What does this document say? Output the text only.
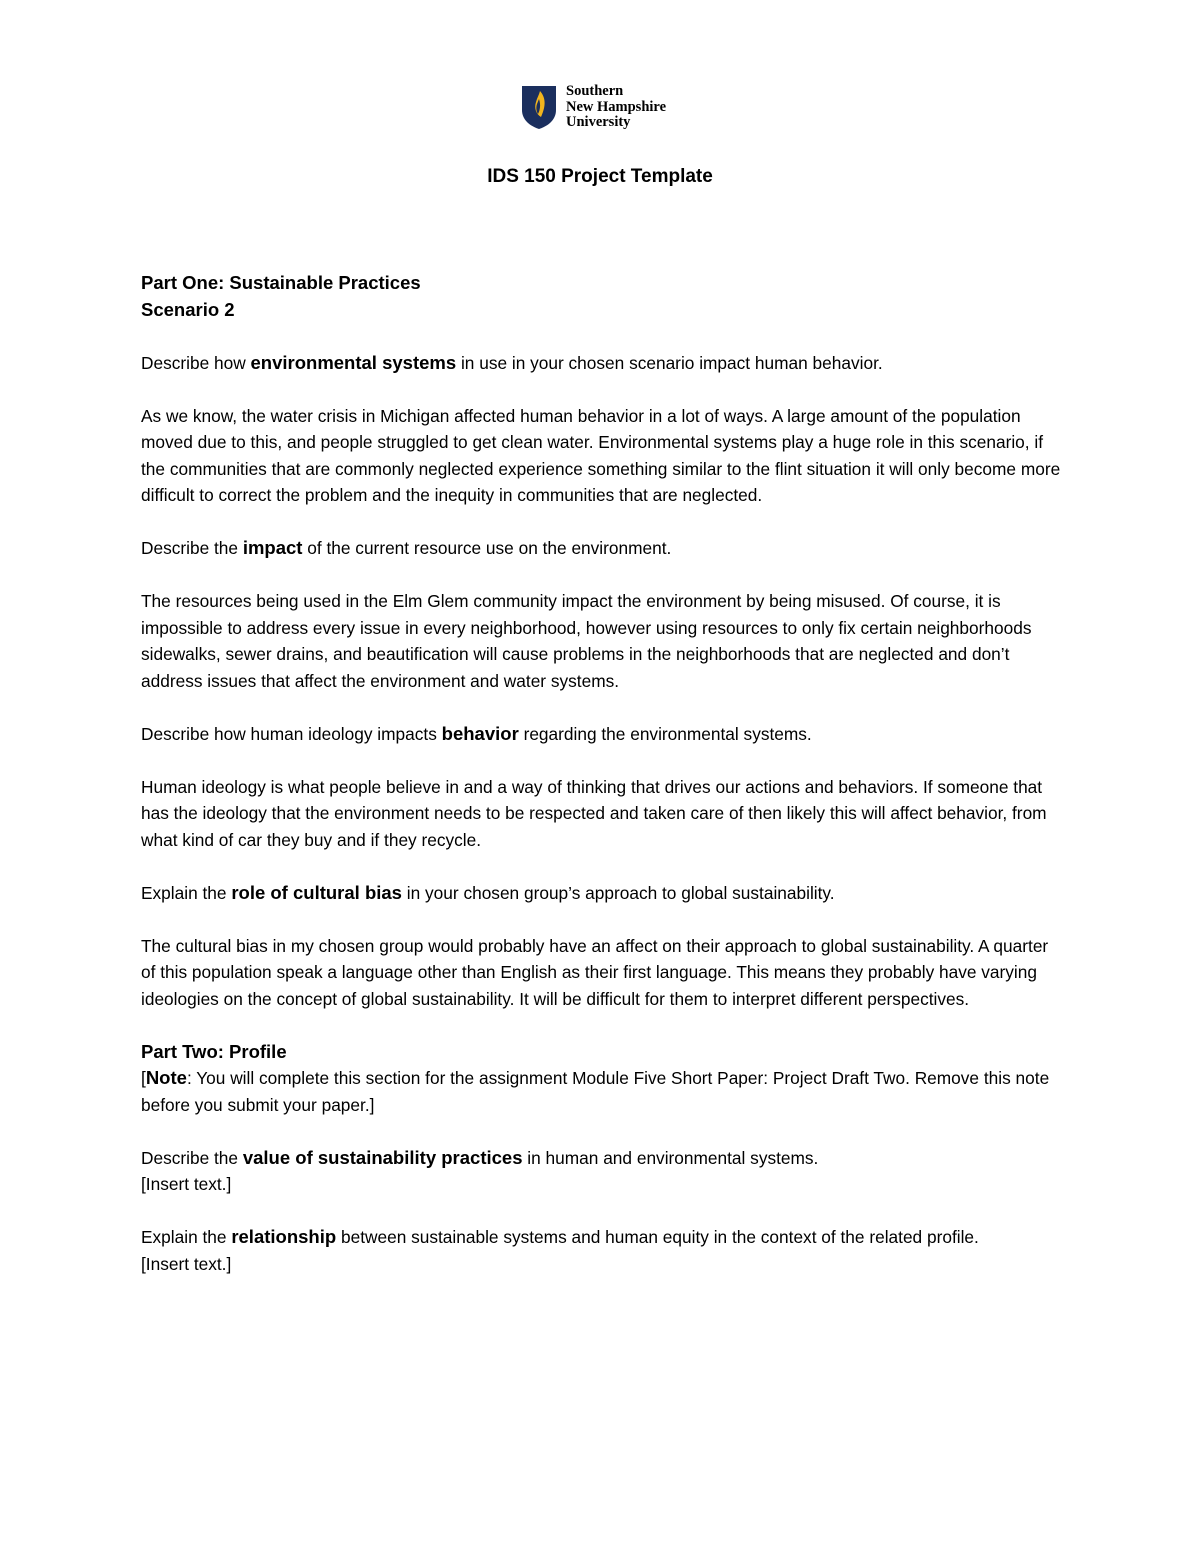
Southern
New Hampshire
University
IDS 150 Project Template

Part One: Sustainable Practices

Scenario 2

Describe how environmental systems in use in your chosen scenario impact human behavior.

As we know, the water crisis in Michigan affected human behavior in a lot of ways. A large amount of the population moved due to this, and people struggled to get clean water. Environmental systems play a huge role in this scenario, if the communities that are commonly neglected experience something similar to the flint situation it will only become more difficult to correct the problem and the inequity in communities that are neglected.

Describe the impact of the current resource use on the environment.

The resources being used in the Elm Glem community impact the environment by being misused. Of course, it is impossible to address every issue in every neighborhood, however using resources to only fix certain neighborhoods sidewalks, sewer drains, and beautification will cause problems in the neighborhoods that are neglected and don’t address issues that affect the environment and water systems.

Describe how human ideology impacts behavior regarding the environmental systems.

Human ideology is what people believe in and a way of thinking that drives our actions and behaviors. If someone that has the ideology that the environment needs to be respected and taken care of then likely this will affect behavior, from what kind of car they buy and if they recycle.

Explain the role of cultural bias in your chosen group’s approach to global sustainability.

The cultural bias in my chosen group would probably have an affect on their approach to global sustainability. A quarter of this population speak a language other than English as their first language. This means they probably have varying ideologies on the concept of global sustainability. It will be difficult for them to interpret different perspectives.

Part Two: Profile

[Note: You will complete this section for the assignment Module Five Short Paper: Project Draft Two. Remove this note before you submit your paper.]

Describe the value of sustainability practices in human and environmental systems.

[Insert text.]

Explain the relationship between sustainable systems and human equity in the context of the related profile.

[Insert text.]
